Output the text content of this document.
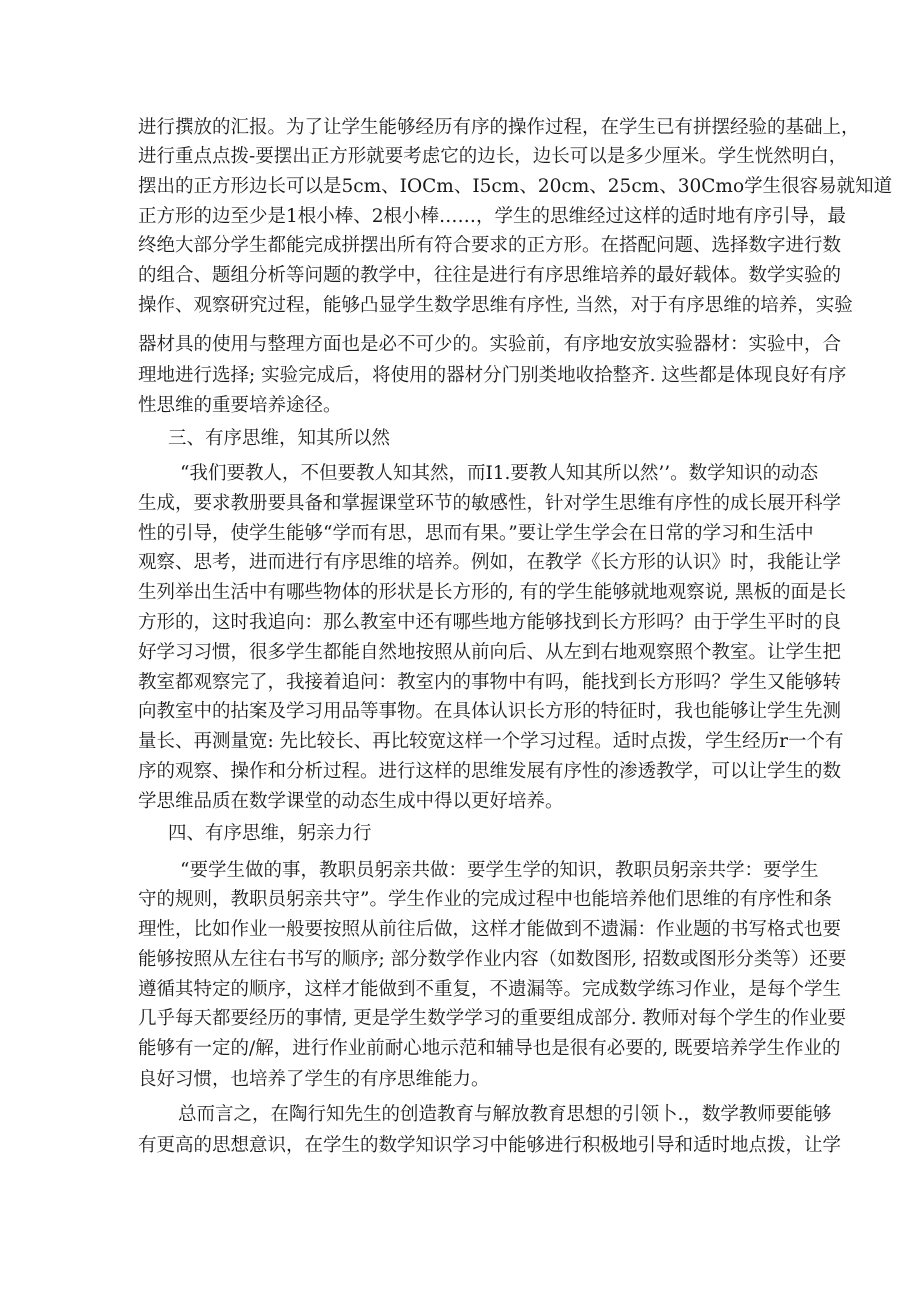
进行撰放的汇报。为了让学生能够经历有序的操作过程，在学生已有拼摆经验的基础上，
进行重点点拨-要摆出正方形就要考虑它的边长，边长可以是多少厘米。学生恍然明白，
摆出的正方形边长可以是5cm、IOCm、I5cm、20cm、25cm、30Cmo学生很容易就知道
正方形的边至少是1根小棒、2根小棒……，学生的思维经过这样的适时地有序引导，最
终绝大部分学生都能完成拼摆出所有符合要求的正方形。在搭配问题、选择数字进行数
的组合、题组分析等问题的教学中，往往是进行有序思维培养的最好载体。数学实验的
操作、观察研究过程，能够凸显学生数学思维有序性, 当然，对于有序思维的培养，实验
器材具的使用与整理方面也是必不可少的。实验前，有序地安放实验器材：实验中，合
理地进行选择; 实验完成后，将使用的器材分门别类地收拾整齐. 这些都是体现良好有序
性思维的重要培养途径。
三、有序思维，知其所以然
“我们要教人，不但要教人知其然，而I1.要教人知其所以然’’。数学知识的动态
生成，要求教册要具备和掌握课堂环节的敏感性，针对学生思维有序性的成长展开科学
性的引导，使学生能够“学而有思，思而有果。”要让学生学会在日常的学习和生活中
观察、思考，进而进行有序思维的培养。例如，在教学《长方形的认识》时，我能让学
生列举出生活中有哪些物体的形状是长方形的, 有的学生能够就地观察说, 黑板的面是长
方形的，这时我追向：那么教室中还有哪些地方能够找到长方形吗？由于学生平时的良
好学习习惯，很多学生都能自然地按照从前向后、从左到右地观察照个教室。让学生把
教室都观察完了，我接着追问：教室内的事物中有吗，能找到长方形吗？学生又能够转
向教室中的拈案及学习用品等事物。在具体认识长方形的特征时，我也能够让学生先测
量长、再测量宽: 先比较长、再比较宽这样一个学习过程。适时点拨，学生经历r一个有
序的观察、操作和分析过程。进行这样的思维发展有序性的渗透教学，可以让学生的数
学思维品质在数学课堂的动态生成中得以更好培养。
四、有序思维，躬亲力行
“要学生做的事，教职员躬亲共做：要学生学的知识，教职员躬亲共学：要学生
守的规则，教职员躬亲共守”。学生作业的完成过程中也能培养他们思维的有序性和条
理性，比如作业一般要按照从前往后做，这样才能做到不遗漏：作业题的书写格式也要
能够按照从左往右书写的顺序; 部分数学作业内容（如数图形, 招数或图形分类等）还要
遵循其特定的顺序，这样才能做到不重复，不遗漏等。完成数学练习作业，是每个学生
几乎每天都要经历的事情, 更是学生数学学习的重要组成部分. 教师对每个学生的作业要
能够有一定的/解，进行作业前耐心地示范和辅导也是很有必要的, 既要培养学生作业的
良好习惯，也培养了学生的有序思维能力。
总而言之，在陶行知先生的创造教育与解放教育思想的引领卜.，数学教师要能够
有更高的思想意识，在学生的数学知识学习中能够进行积极地引导和适时地点拨，让学
